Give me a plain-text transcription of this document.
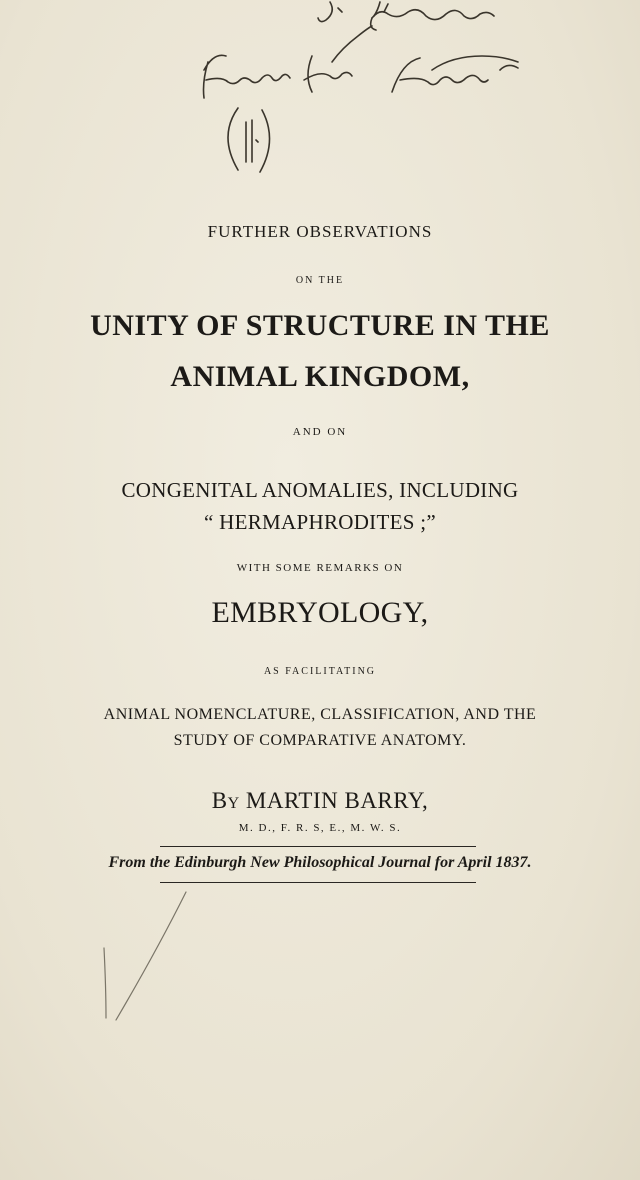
FURTHER OBSERVATIONS
ON THE
UNITY OF STRUCTURE IN THE
ANIMAL KINGDOM,
AND ON
CONGENITAL ANOMALIES, INCLUDING
“ HERMAPHRODITES ;”
WITH SOME REMARKS ON
EMBRYOLOGY,
AS FACILITATING
ANIMAL NOMENCLATURE, CLASSIFICATION, AND THE
STUDY OF COMPARATIVE ANATOMY.
By MARTIN BARRY,
M. D., F. R. S, E., M. W. S.
From the Edinburgh New Philosophical Journal for April 1837.
